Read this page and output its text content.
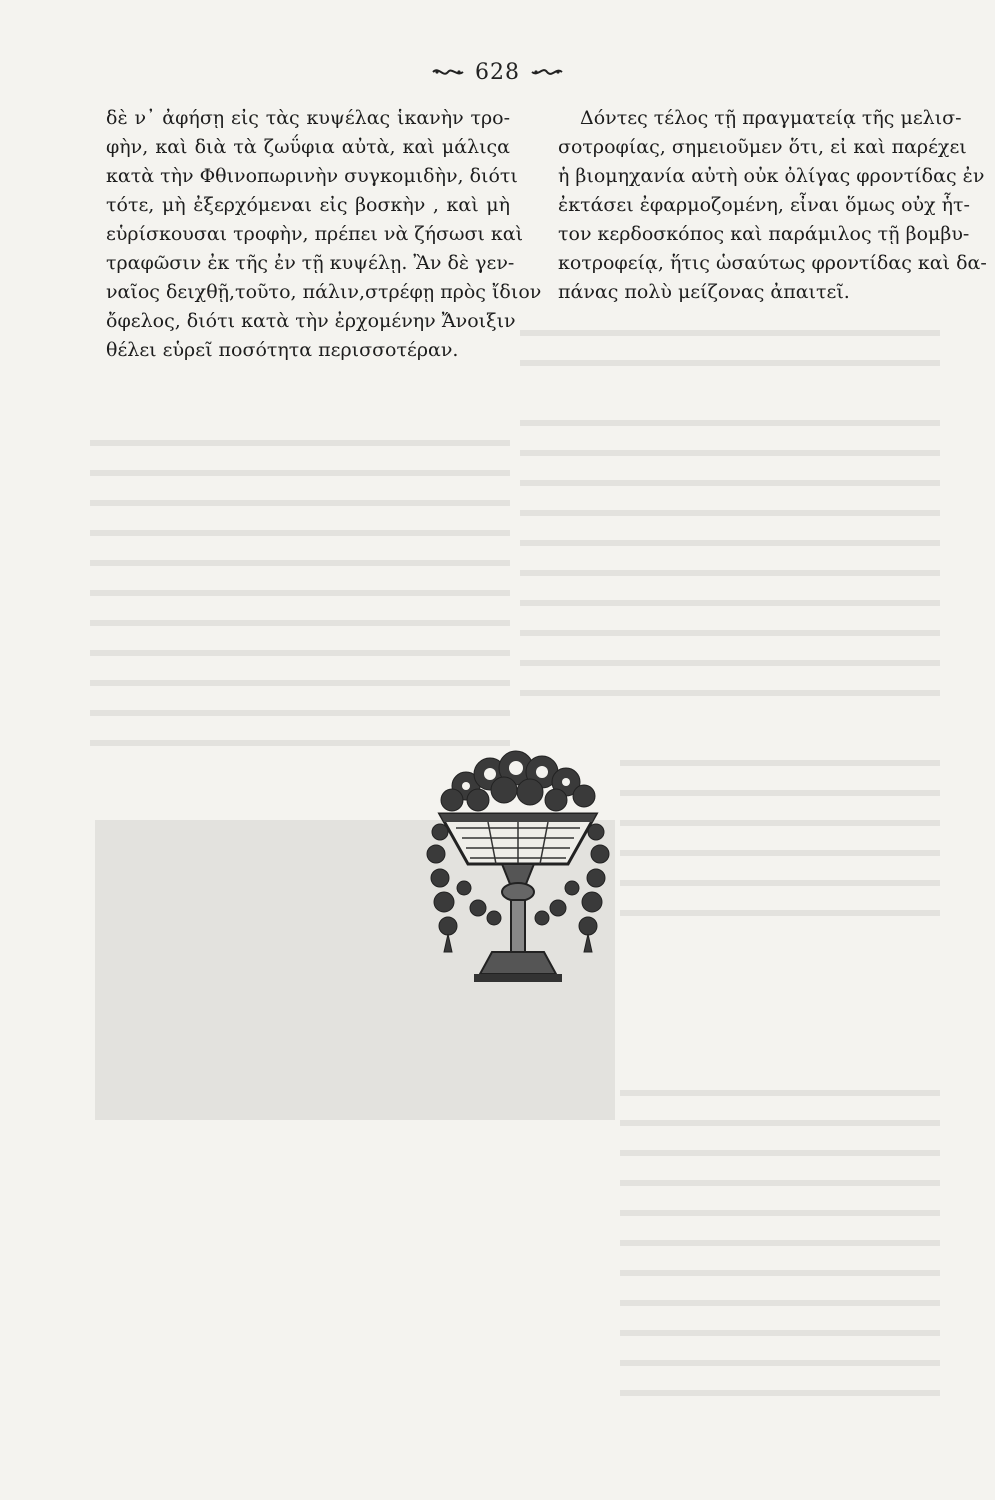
628
δὲ ν᾽ ἀφήσῃ εἰς τὰς κυψέλας ἱκανὴν τρο-
φὴν, καὶ διὰ τὰ ζωΰφια αὐτὰ, καὶ μάλιςα
κατὰ τὴν Φθινοπωρινὴν συγκομιδὴν, διότι
τότε, μὴ ἐξερχόμεναι εἰς βοσκὴν , καὶ μὴ
εὑρίσκουσαι τροφὴν, πρέπει νὰ ζήσωσι καὶ
τραφῶσιν ἐκ τῆς ἐν τῇ κυψέλῃ. Ἂν δὲ γεν-
ναῖος δειχθῇ,τοῦτο, πάλιν,στρέφῃ πρὸς ἴδιον
ὄφελος, διότι κατὰ τὴν ἐρχομένην Ἄνοιξιν
θέλει εὑρεῖ ποσότητα περισσοτέραν.
Δόντες τέλος τῇ πραγματείᾳ τῆς μελισ-
σοτροφίας, σημειοῦμεν ὅτι, εἰ καὶ παρέχει
ἡ βιομηχανία αὐτὴ οὐκ ὀλίγας φροντίδας ἐν
ἐκτάσει ἐφαρμοζομένη, εἶναι ὅμως οὐχ ἧτ-
τον κερδοσκόπος καὶ παράμιλος τῇ βομβυ-
κοτροφείᾳ, ἥτις ὡσαύτως φροντίδας καὶ δα-
πάνας πολὺ μείζονας ἀπαιτεῖ.
